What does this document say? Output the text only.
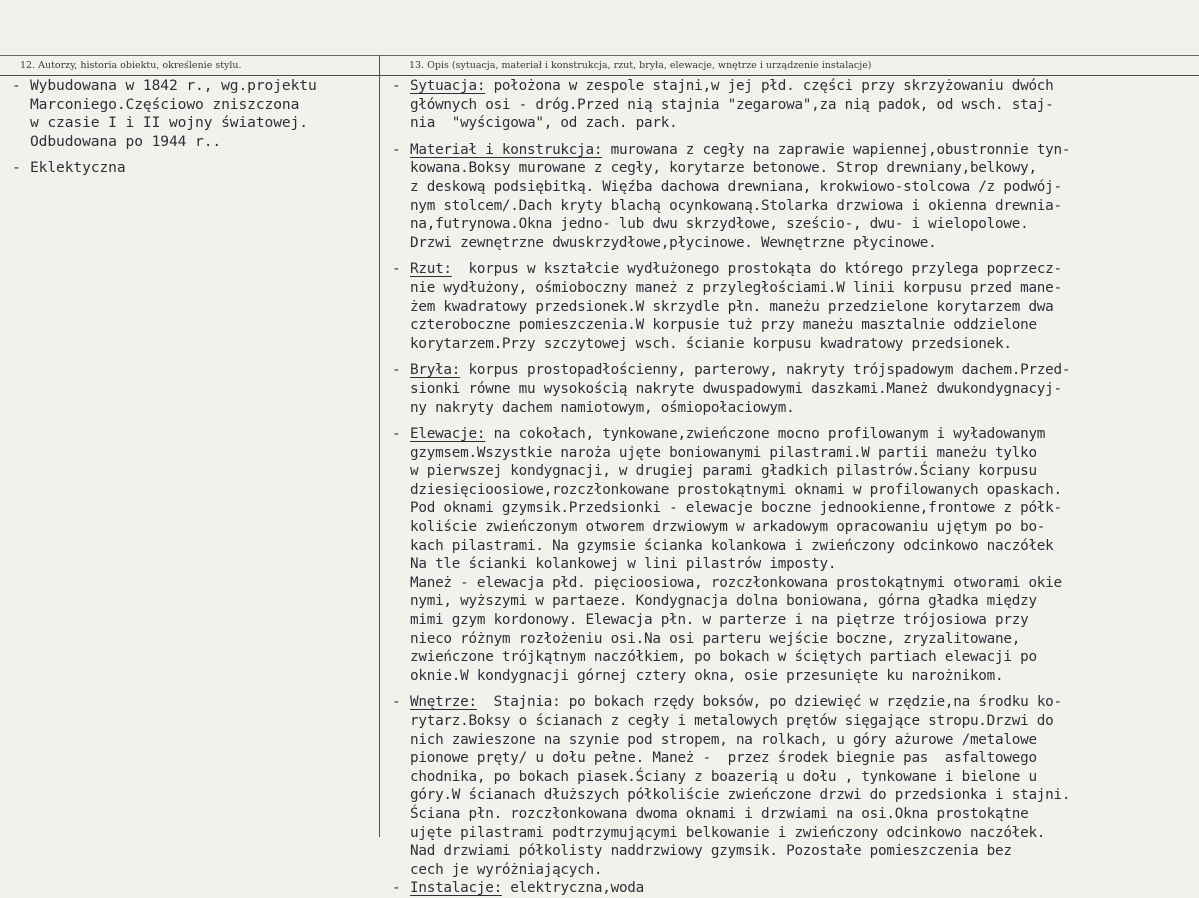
12. Autorzy, historia obiektu, określenie stylu.	13. Opis (sytuacja, materiał i konstrukcja, rzut, bryła, elewacje, wnętrze i urządzenie instalacje)
- Wybudowana w 1842 r., wg.projektu
Marconiego.Częściowo zniszczona
w czasie I i II wojny światowej.
Odbudowana po 1944 r..
- Eklektyczna
- Sytuacja: położona w zespole stajni,w jej płd. części przy skrzyżowaniu dwóch
głównych osi - dróg.Przed nią stajnia "zegarowa",za nią padok, od wsch. staj-
nia  "wyścigowa", od zach. park.
- Materiał i konstrukcja: murowana z cegły na zaprawie wapiennej,obustronnie tyn-
kowana.Boksy murowane z cegły, korytarze betonowe. Strop drewniany,belkowy,
z deskową podsiębitką. Więźba dachowa drewniana, krokwiowo-stolcowa /z podwój-
nym stolcem/.Dach kryty blachą ocynkowaną.Stolarka drzwiowa i okienna drewnia-
na,futrynowa.Okna jedno- lub dwu skrzydłowe, sześcio-, dwu- i wielopolowe.
Drzwi zewnętrzne dwuskrzydłowe,płycinowe. Wewnętrzne płycinowe.
- Rzut:  korpus w kształcie wydłużonego prostokąta do którego przylega poprzecz-
nie wydłużony, ośmioboczny maneż z przyległościami.W linii korpusu przed mane-
żem kwadratowy przedsionek.W skrzydle płn. maneżu przedzielone korytarzem dwa
czteroboczne pomieszczenia.W korpusie tuż przy maneżu masztalnie oddzielone
korytarzem.Przy szczytowej wsch. ścianie korpusu kwadratowy przedsionek.
- Bryła: korpus prostopadłościenny, parterowy, nakryty trójspadowym dachem.Przed-
sionki równe mu wysokością nakryte dwuspadowymi daszkami.Maneż dwukondygnacyj-
ny nakryty dachem namiotowym, ośmiopołaciowym.
- Elewacje: na cokołach, tynkowane,zwieńczone mocno profilowanym i wyładowanym
gzymsem.Wszystkie naroża ujęte boniowanymi pilastrami.W partii maneżu tylko
w pierwszej kondygnacji, w drugiej parami gładkich pilastrów.Ściany korpusu
dziesięcioosiowe,rozczłonkowane prostokątnymi oknami w profilowanych opaskach.
Pod oknami gzymsik.Przedsionki - elewacje boczne jednookienne,frontowe z półk-
koliście zwieńczonym otworem drzwiowym w arkadowym opracowaniu ujętym po bo-
kach pilastrami. Na gzymsie ścianka kolankowa i zwieńczony odcinkowo naczółek
Na tle ścianki kolankowej w lini pilastrów imposty.
Maneż - elewacja płd. pięcioosiowa, rozczłonkowana prostokątnymi otworami okie
nymi, wyższymi w partaeze. Kondygnacja dolna boniowana, górna gładka między
mimi gzym kordonowy. Elewacja płn. w parterze i na piętrze trójosiowa przy
nieco różnym rozłożeniu osi.Na osi parteru wejście boczne, zryzalitowane,
zwieńczone trójkątnym naczółkiem, po bokach w ściętych partiach elewacji po
oknie.W kondygnacji górnej cztery okna, osie przesunięte ku narożnikom.
- Wnętrze:  Stajnia: po bokach rzędy boksów, po dziewięć w rzędzie,na środku ko-
rytarz.Boksy o ścianach z cegły i metalowych prętów sięgające stropu.Drzwi do
nich zawieszone na szynie pod stropem, na rolkach, u góry ażurowe /metalowe
pionowe pręty/ u dołu pełne. Maneż -  przez środek biegnie pas  asfaltowego
chodnika, po bokach piasek.Ściany z boazerią u dołu , tynkowane i bielone u
góry.W ścianach dłuższych półkoliście zwieńczone drzwi do przedsionka i stajni.
Ściana płn. rozczłonkowana dwoma oknami i drzwiami na osi.Okna prostokątne
ujęte pilastrami podtrzymującymi belkowanie i zwieńczony odcinkowo naczółek.
Nad drzwiami półkolisty naddrzwiowy gzymsik. Pozostałe pomieszczenia bez
cech je wyróżniających.
- Instalacje: elektryczna,woda
